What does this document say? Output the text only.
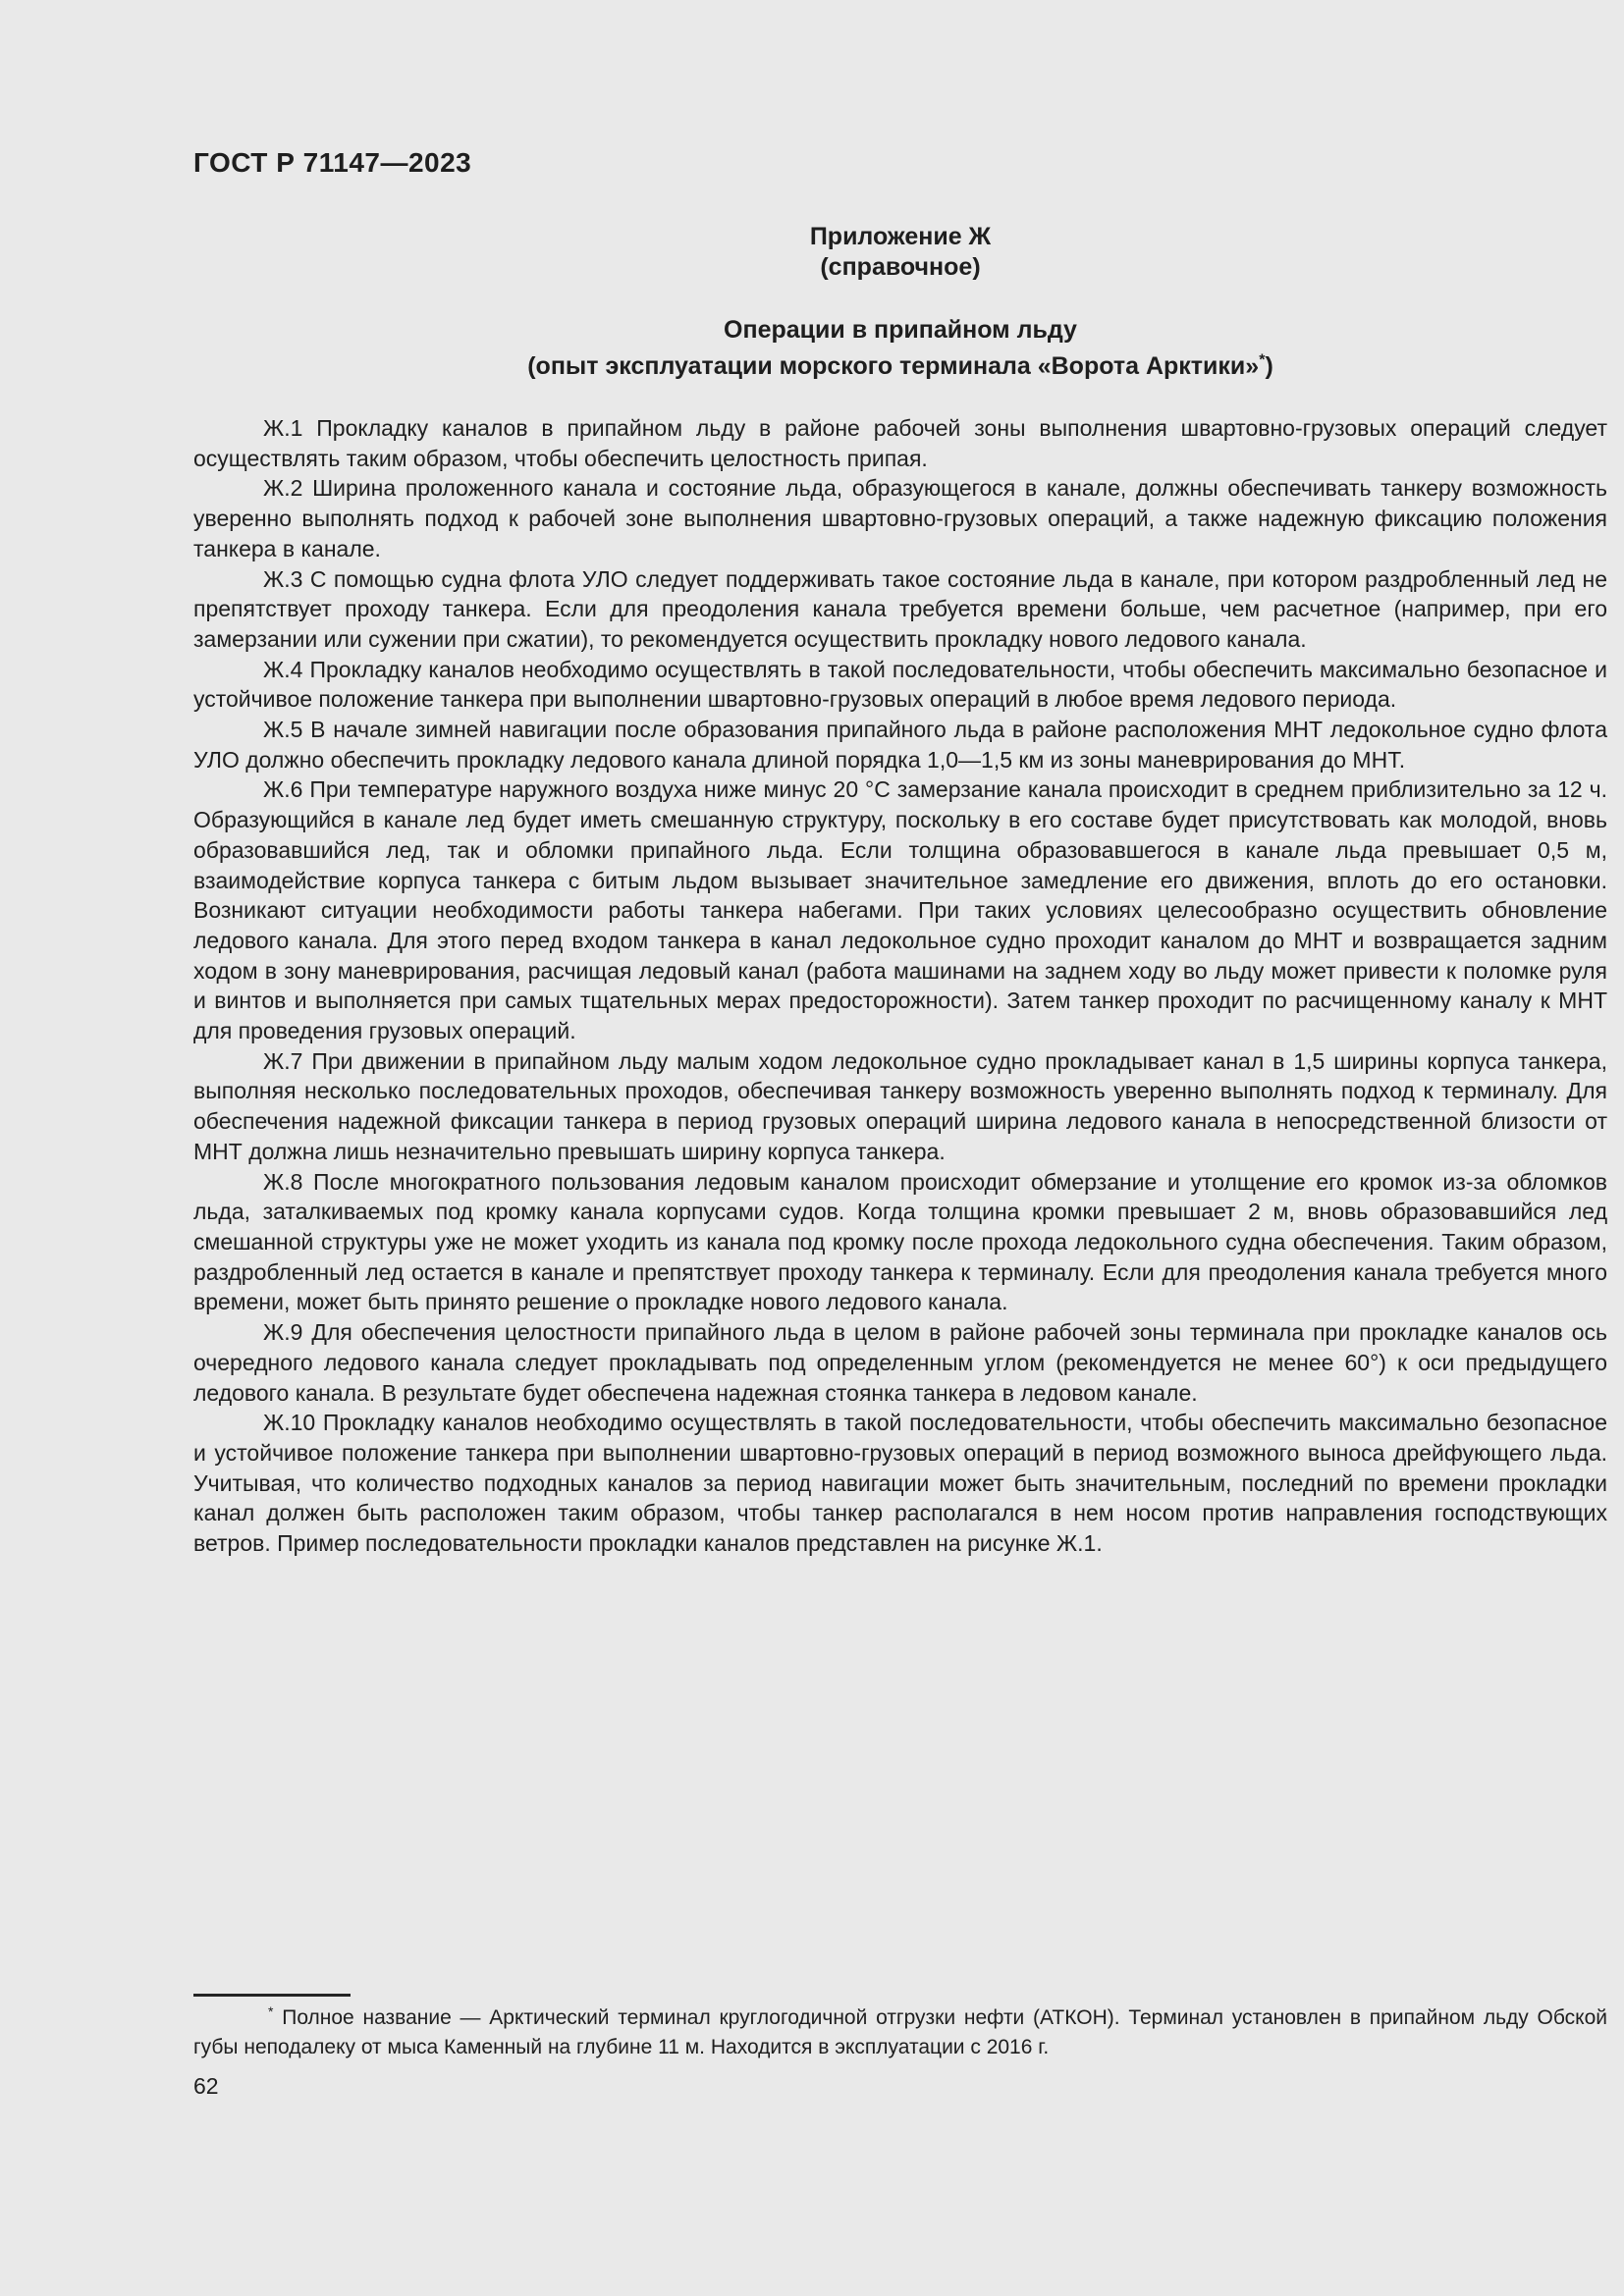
ГОСТ Р 71147—2023
Приложение Ж
(справочное)
Операции в припайном льду
(опыт эксплуатации морского терминала «Ворота Арктики»*)

Ж.1 Прокладку каналов в припайном льду в районе рабочей зоны выполнения швартовно-грузовых операций следует осуществлять таким образом, чтобы обеспечить целостность припая.

Ж.2 Ширина проложенного канала и состояние льда, образующегося в канале, должны обеспечивать танкеру возможность уверенно выполнять подход к рабочей зоне выполнения швартовно-грузовых операций, а также надежную фиксацию положения танкера в канале.

Ж.3 С помощью судна флота УЛО следует поддерживать такое состояние льда в канале, при котором раздробленный лед не препятствует проходу танкера. Если для преодоления канала требуется времени больше, чем расчетное (например, при его замерзании или сужении при сжатии), то рекомендуется осуществить прокладку нового ледового канала.

Ж.4 Прокладку каналов необходимо осуществлять в такой последовательности, чтобы обеспечить максимально безопасное и устойчивое положение танкера при выполнении швартовно-грузовых операций в любое время ледового периода.

Ж.5 В начале зимней навигации после образования припайного льда в районе расположения МНТ ледокольное судно флота УЛО должно обеспечить прокладку ледового канала длиной порядка 1,0—1,5 км из зоны маневрирования до МНТ.

Ж.6 При температуре наружного воздуха ниже минус 20 °С замерзание канала происходит в среднем приблизительно за 12 ч. Образующийся в канале лед будет иметь смешанную структуру, поскольку в его составе будет присутствовать как молодой, вновь образовавшийся лед, так и обломки припайного льда. Если толщина образовавшегося в канале льда превышает 0,5 м, взаимодействие корпуса танкера с битым льдом вызывает значительное замедление его движения, вплоть до его остановки. Возникают ситуации необходимости работы танкера набегами. При таких условиях целесообразно осуществить обновление ледового канала. Для этого перед входом танкера в канал ледокольное судно проходит каналом до МНТ и возвращается задним ходом в зону маневрирования, расчищая ледовый канал (работа машинами на заднем ходу во льду может привести к поломке руля и винтов и выполняется при самых тщательных мерах предосторожности). Затем танкер проходит по расчищенному каналу к МНТ для проведения грузовых операций.

Ж.7 При движении в припайном льду малым ходом ледокольное судно прокладывает канал в 1,5 ширины корпуса танкера, выполняя несколько последовательных проходов, обеспечивая танкеру возможность уверенно выполнять подход к терминалу. Для обеспечения надежной фиксации танкера в период грузовых операций ширина ледового канала в непосредственной близости от МНТ должна лишь незначительно превышать ширину корпуса танкера.

Ж.8 После многократного пользования ледовым каналом происходит обмерзание и утолщение его кромок из-за обломков льда, заталкиваемых под кромку канала корпусами судов. Когда толщина кромки превышает 2 м, вновь образовавшийся лед смешанной структуры уже не может уходить из канала под кромку после прохода ледокольного судна обеспечения. Таким образом, раздробленный лед остается в канале и препятствует проходу танкера к терминалу. Если для преодоления канала требуется много времени, может быть принято решение о прокладке нового ледового канала.

Ж.9 Для обеспечения целостности припайного льда в целом в районе рабочей зоны терминала при прокладке каналов ось очередного ледового канала следует прокладывать под определенным углом (рекомендуется не менее 60°) к оси предыдущего ледового канала. В результате будет обеспечена надежная стоянка танкера в ледовом канале.

Ж.10 Прокладку каналов необходимо осуществлять в такой последовательности, чтобы обеспечить максимально безопасное и устойчивое положение танкера при выполнении швартовно-грузовых операций в период возможного выноса дрейфующего льда. Учитывая, что количество подходных каналов за период навигации может быть значительным, последний по времени прокладки канал должен быть расположен таким образом, чтобы танкер располагался в нем носом против направления господствующих ветров. Пример последовательности прокладки каналов представлен на рисунке Ж.1.

* Полное название — Арктический терминал круглогодичной отгрузки нефти (АТКОН). Терминал установлен в припайном льду Обской губы неподалеку от мыса Каменный на глубине 11 м. Находится в эксплуатации с 2016 г.

62
